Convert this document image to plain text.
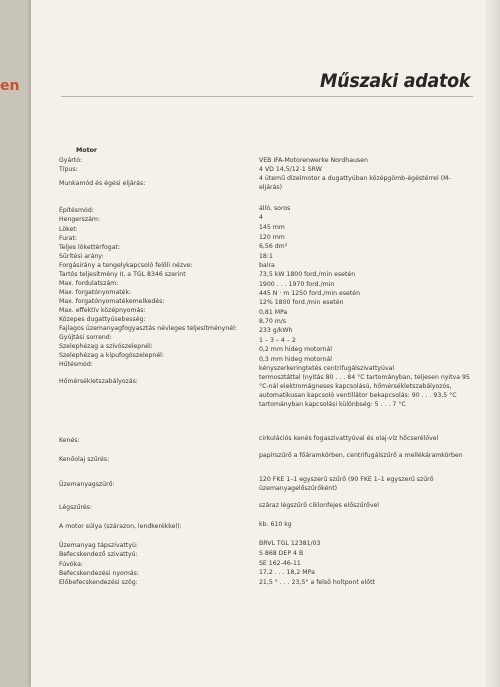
en	Műszaki adatok
Motor
Gyártó:	VEB IFA-Motorenwerke Nordhausen
Típus:	4 VD 14,5/12-1 SRW
Munkamód és égési eljárás:
4 ütemű dízelmotor a dugattyúban középgömb-égéstérrel (M-eljárás)
Építésmód:	álló, soros
Hengerszám:	4
Löket:	145 mm
Furat:	120 mm
Teljes lökettérfogat:	6,56 dm³
Sűrítési arány:	18:1
Forgásirány a tengelykapcsoló felőli nézve:	balra
Tartós teljesítmény II, a TGL 8346 szerint	73,5 kW 1800 ford./min esetén
Max. fordulatszám:	1900 . . . 1970 ford./min
Max. forgatónyomaték:	445 N · m 1250 ford./min esetén
Max. forgatónyomatékemelkedés:	12% 1800 ford./min esetén
Max. effektív középnyomás:	0,81 MPa
Közepes dugattyúsebesség:	8,70 m/s
Fajlagos üzemanyagfogyasztás névleges teljesítménynél:	233 g/kWh
Gyújtási sorrend:	1 – 3 – 4 – 2
Szelephézag a szívószelepnél:	0,2 mm hideg motornál
Szelephézag a kipufogószelepnél:
0,3 mm hideg motornál
Hűtésmód:
kényszerkeringtetés centrifugálszivattyúval
Hőmérsékletszabályozás:
termosztáttal (nyitás 80 . . . 84 °C tartományban, teljesen nyitva 95 °C-nál elektromágneses kapcsolású, hőmérsékletszabályozós, automatikusan kapcsoló ventillátor bekapcsolás: 90 . . . 93,5 °C tartományban kapcsolási különbség: 5 . . . 7 °C
Kenés:	cirkulációs kenés fogaszivattyúval és olaj-víz hőcserélővel
Kenőolaj szűrés:
papírszűrő a főáramkörben, centrifugálszűrő a mellékáramkörben
Üzemanyagszűrő:
120 FKE 1–1 egyszerű szűrő (90 FKE 1–1 egyszerű szűrő üzemanyagelőszűrőként)
Légszűrés:	száraz légszűrő ciklonfejes előszűrővel
A motor súlya (szárazon, lendkerékkel):	kb. 610 kg
Üzemanyag tápszivattyú:	BRVL TGL 12381/03
Befecskendező szivattyú:	S 868 DEP 4 B
Fúvóka:	SE 162-46-11
Befecskendezési nyomás:	17,2 . . . 18,2 MPa
Előbefecskendezési szög:	21,5 ° . . . 23,5° a felső holtpont előtt
